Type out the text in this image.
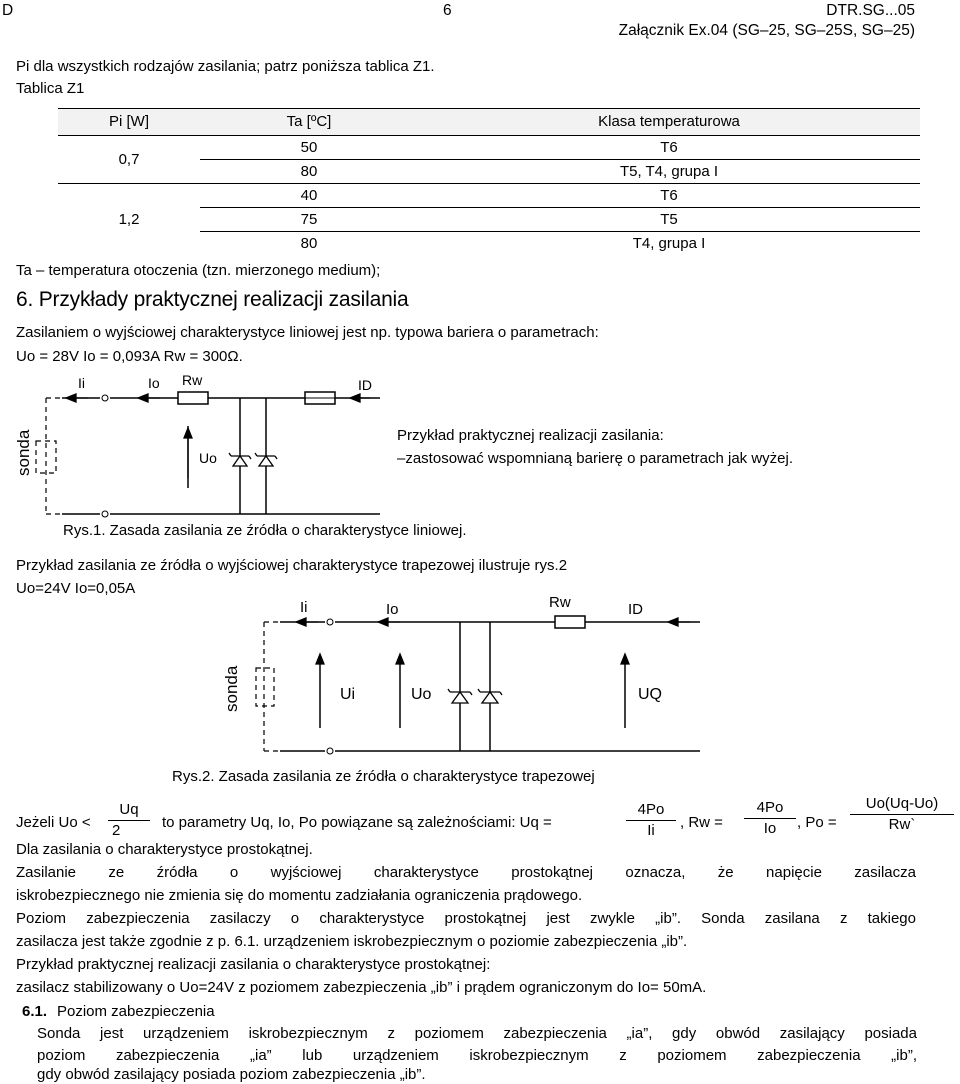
D	6	DTR.SG...05
Załącznik Ex.04 (SG–25, SG–25S, SG–25)
Pi dla wszystkich rodzajów zasilania; patrz poniższa tablica Z1.
Tablica Z1
Pi [W]	Ta [ºC]	Klasa temperaturowa
0,7	50	T6
	80	T5, T4, grupa I
1,2	40	T6
	75	T5
	80	T4, grupa I
Ta – temperatura otoczenia (tzn. mierzonego medium);
6. Przykłady praktycznej realizacji zasilania
Zasilaniem o wyjściowej charakterystyce liniowej jest np. typowa bariera o parametrach:
Uo = 28V Io = 0,093A Rw = 300Ω.
Ii	Io Rw	ID
Uo
sonda	Przykład praktycznej realizacji zasilania:
–zastosować wspomnianą barierę o parametrach jak wyżej.
Rys.1. Zasada zasilania ze źródła o charakterystyce liniowej.
Przykład zasilania ze źródła o wyjściowej charakterystyce trapezowej ilustruje rys.2
Uo=24V Io=0,05A
Ii	Io	Rw	ID
Ui	Uo	UQ
sonda
Rys.2. Zasada zasilania ze źródła o charakterystyce trapezowej
Jeżeli $Uo < \frac{Uq}{2}$ to parametry Uq, Io, Po powiązane są zależnościami: Uq =	$\frac{4Po}{Ii}$ , $Rw = \frac{4Po}{Io}$ , $Po = \frac{Uo(Uq-Uo)}{Rw`}$
Dla zasilania o charakterystyce prostokątnej.
Zasilanie ze źródła o wyjściowej charakterystyce prostokątnej oznacza, że napięcie zasilacza
iskrobezpiecznego nie zmienia się do momentu zadziałania ograniczenia prądowego.
Poziom zabezpieczenia zasilaczy o charakterystyce prostokątnej jest zwykle „ib”. Sonda zasilana z takiego
zasilacza jest także zgodnie z p. 6.1. urządzeniem iskrobezpiecznym o poziomie zabezpieczenia „ib”.
Przykład praktycznej realizacji zasilania o charakterystyce prostokątnej:
zasilacz stabilizowany o Uo=24V z poziomem zabezpieczenia „ib” i prądem ograniczonym do Io= 50mA.
6.1. Poziom zabezpieczenia
Sonda jest urządzeniem iskrobezpiecznym z poziomem zabezpieczenia „ia”, gdy obwód zasilający posiada
poziom zabezpieczenia „ia” lub urządzeniem iskrobezpiecznym z poziomem zabezpieczenia „ib”,
gdy obwód zasilający posiada poziom zabezpieczenia „ib”.
